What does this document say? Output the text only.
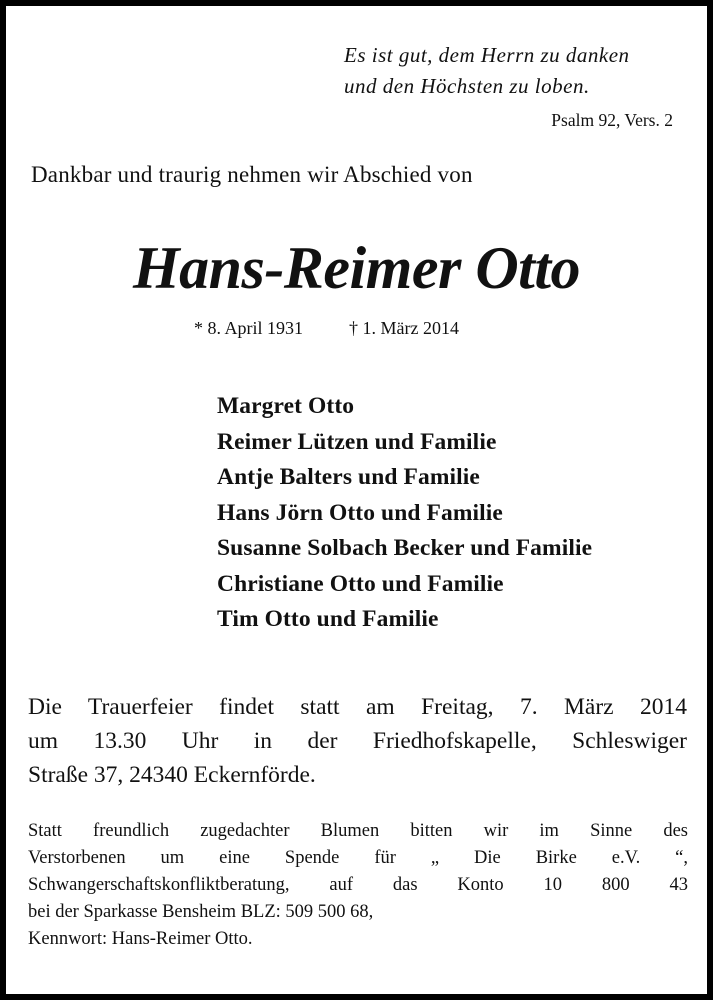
Es ist gut, dem Herrn zu danken
und den Höchsten zu loben.
Psalm 92, Vers. 2
Dankbar und traurig nehmen wir Abschied von
Hans-Reimer Otto
* 8. April 1931	† 1. März 2014
Margret Otto
Reimer Lützen und Familie
Antje Balters und Familie
Hans Jörn Otto und Familie
Susanne Solbach Becker und Familie
Christiane Otto und Familie
Tim Otto und Familie
Die Trauerfeier findet statt am Freitag, 7. März 2014
um 13.30 Uhr in der Friedhofskapelle, Schleswiger
Straße 37, 24340 Eckernförde.
Statt freundlich zugedachter Blumen bitten wir im Sinne des
Verstorbenen um eine Spende für „ Die Birke e.V. “,
Schwangerschaftskonfliktberatung, auf das Konto 10 800 43
bei der Sparkasse Bensheim BLZ: 509 500 68,
Kennwort: Hans-Reimer Otto.
